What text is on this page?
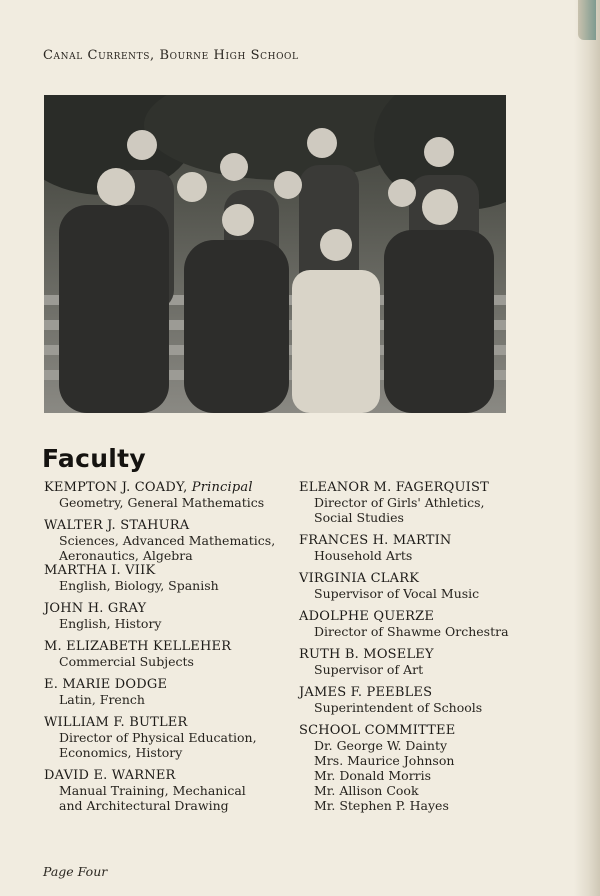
Canal Currents, Bourne High School
Faculty
KEMPTON J. COADY, Principal
Geometry, General Mathematics
WALTER J. STAHURA
Sciences, Advanced Mathematics,
Aeronautics, Algebra
MARTHA I. VIIK
English, Biology, Spanish
JOHN H. GRAY
English, History
M. ELIZABETH KELLEHER
Commercial Subjects
E. MARIE DODGE
Latin, French
WILLIAM F. BUTLER
Director of Physical Education,
Economics, History
DAVID E. WARNER
Manual Training, Mechanical
and Architectural Drawing
ELEANOR M. FAGERQUIST
Director of Girls' Athletics,
Social Studies
FRANCES H. MARTIN
Household Arts
VIRGINIA CLARK
Supervisor of Vocal Music
ADOLPHE QUERZE
Director of Shawme Orchestra
RUTH B. MOSELEY
Supervisor of Art
JAMES F. PEEBLES
Superintendent of Schools
SCHOOL COMMITTEE
Dr. George W. Dainty
Mrs. Maurice Johnson
Mr. Donald Morris
Mr. Allison Cook
Mr. Stephen P. Hayes
Page Four
